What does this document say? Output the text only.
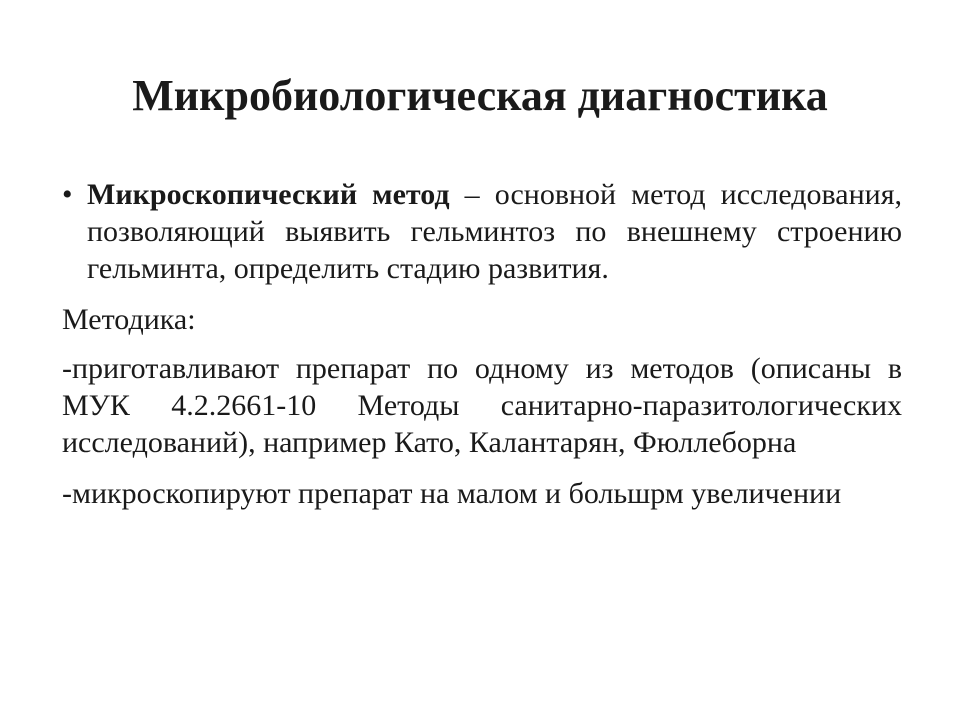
Микробиологическая диагностика
• Микроскопический метод – основной метод исследования, позволяющий выявить гельминтоз по внешнему строению гельминта, определить стадию развития.

Методика:

-приготавливают препарат по одному из методов (описаны в МУК 4.2.2661-10 Методы санитарно-паразитологических исследований), например Като, Калантарян, Фюллеборна

-микроскопируют препарат на малом и большрм увеличении
